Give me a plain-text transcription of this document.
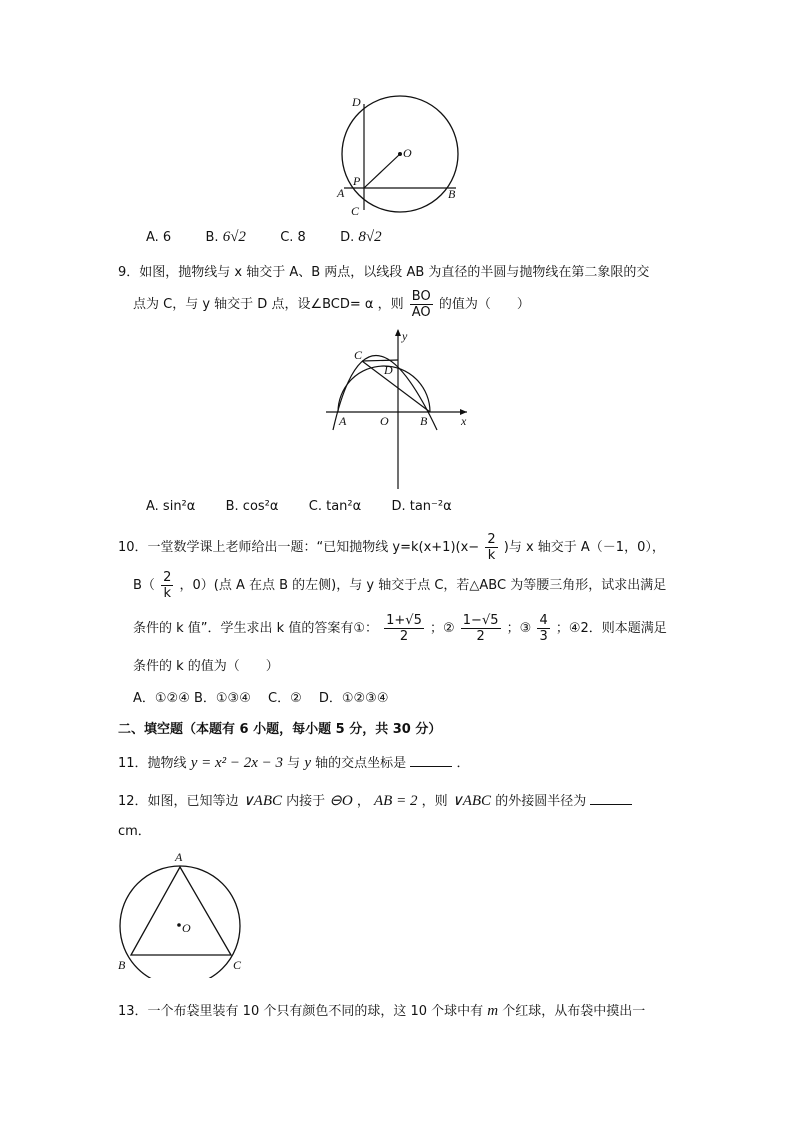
D
O
P
A	B
C
A. 6	B. 6√2	C. 8	D. 8√2
9．如图，抛物线与 x 轴交于 A、B 两点，以线段 AB 为直径的半圆与抛物线在第二象限的交
点为 C，与 y 轴交于 D 点，设∠BCD= α ，则 $\frac{BO}{AO}$ 的值为（　　）
y
x
C
D
A	O	B
A. sin²α B. cos²α C. tan²α D. tan⁻²α
10．一堂数学课上老师给出一题：“已知抛物线 $y=k(x+1)(x- \frac{2}{k}$ )与 x 轴交于 A（－1，0），
$B( \frac{2}{k}$ ，0）(点 A 在点 B 的左侧)，与 y 轴交于点 C，若△ABC 为等腰三角形，试求出满足
条件的 k 值”．学生求出 k 值的答案有①： $\frac{1+√5}{2}$ ；② $\frac{1-√5}{2}$ ；③ $\frac{4}{3}$ ；④2．则本题满足
条件的 k 的值为（　　）
A．①②④ B．①③④　 C．②　 D．①②③④
二、填空题（本题有 6 小题，每小题 5 分，共 30 分）
11．抛物线 y = x² − 2x − 3 与 y 轴的交点坐标是	．
12．如图，已知等边 ∨ABC 内接于 ⊖O ， AB = 2 ，则 ∨ABC 的外接圆半径为
cm．
A
O
B	C
13．一个布袋里装有 10 个只有颜色不同的球，这 10 个球中有 m 个红球，从布袋中摸出一
